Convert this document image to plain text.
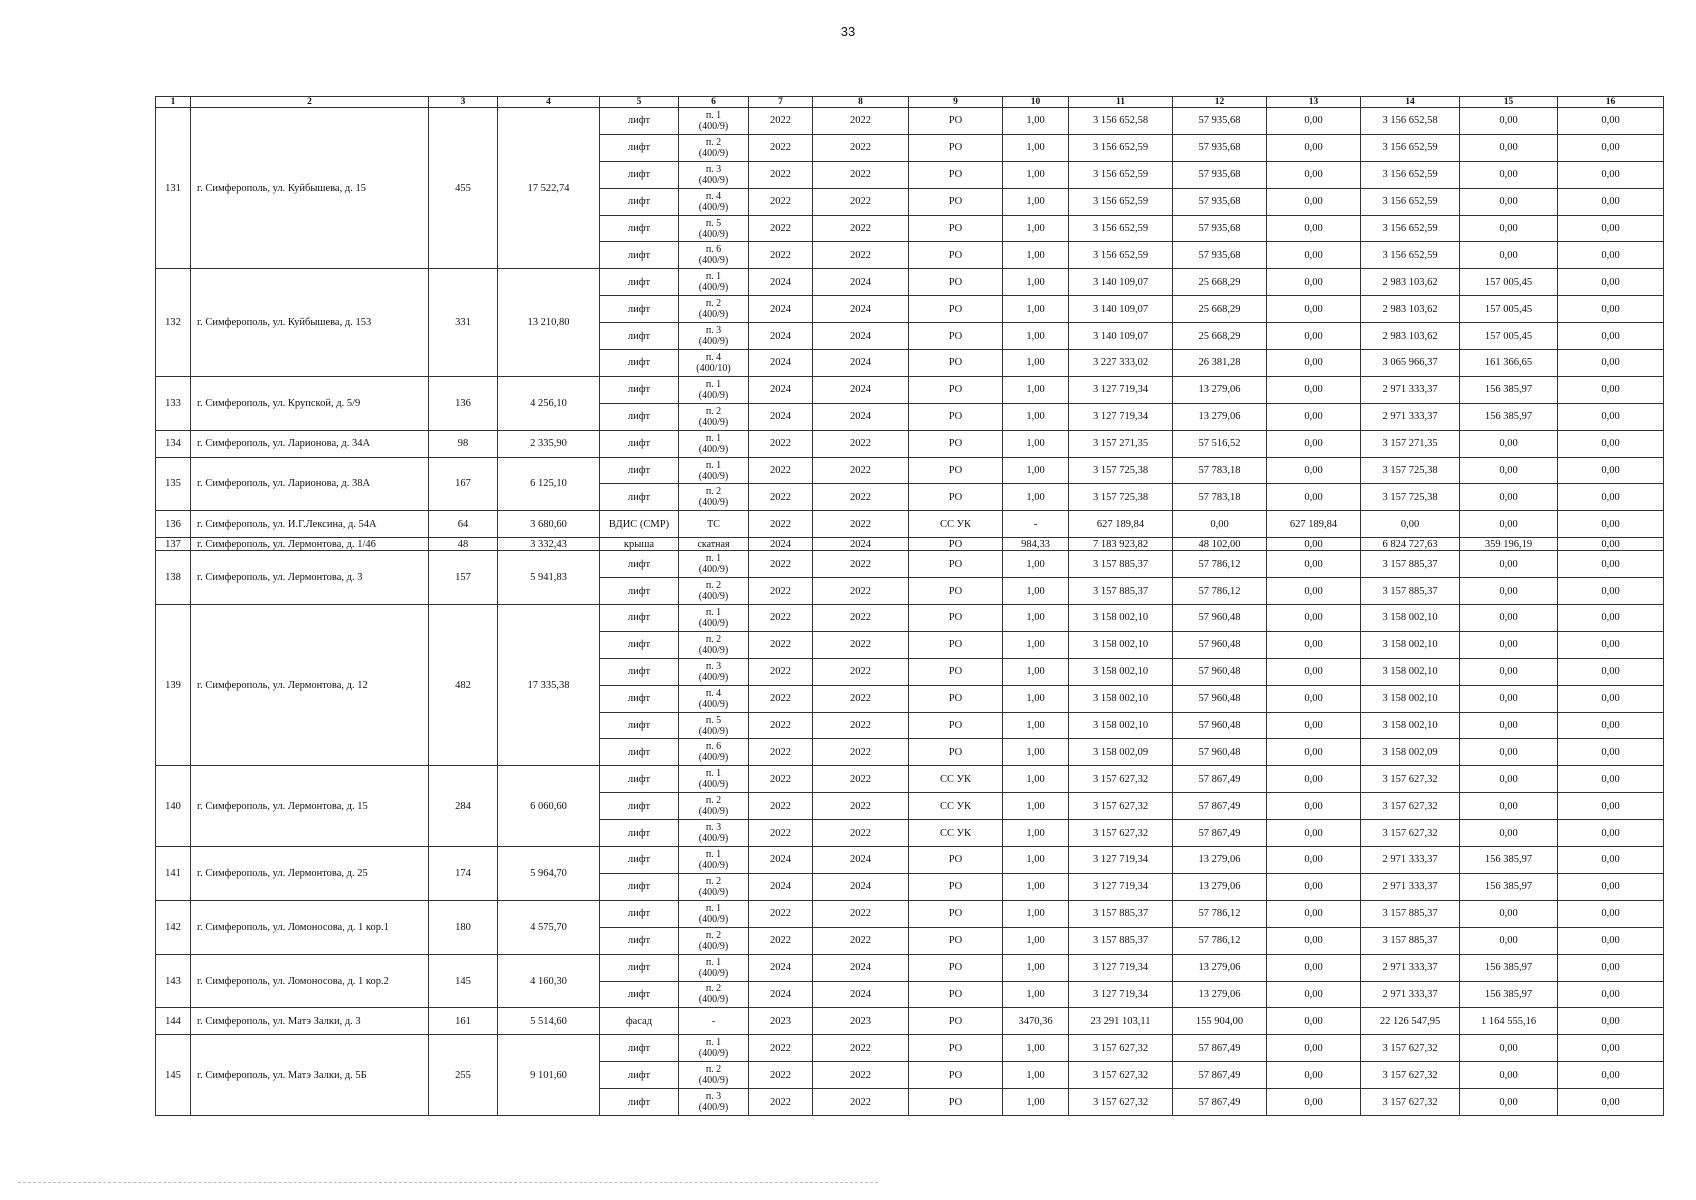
33
1	2	3	4	5	6	7	8	9	10	11	12	13	14	15	16
131	г. Симферополь, ул. Куйбышева, д. 15	455	17 522,74	лифт	п. 1
(400/9)	2022	2022	РО	1,00	3 156 652,58	57 935,68	0,00	3 156 652,58	0,00	0,00
				лифт	п. 2
(400/9)	2022	2022	РО	1,00	3 156 652,59	57 935,68	0,00	3 156 652,59	0,00	0,00
				лифт	п. 3
(400/9)	2022	2022	РО	1,00	3 156 652,59	57 935,68	0,00	3 156 652,59	0,00	0,00
				лифт	п. 4
(400/9)	2022	2022	РО	1,00	3 156 652,59	57 935,68	0,00	3 156 652,59	0,00	0,00
				лифт	п. 5
(400/9)	2022	2022	РО	1,00	3 156 652,59	57 935,68	0,00	3 156 652,59	0,00	0,00
				лифт	п. 6
(400/9)	2022	2022	РО	1,00	3 156 652,59	57 935,68	0,00	3 156 652,59	0,00	0,00
132	г. Симферополь, ул. Куйбышева, д. 153	331	13 210,80	лифт	п. 1
(400/9)	2024	2024	РО	1,00	3 140 109,07	25 668,29	0,00	2 983 103,62	157 005,45	0,00
				лифт	п. 2
(400/9)	2024	2024	РО	1,00	3 140 109,07	25 668,29	0,00	2 983 103,62	157 005,45	0,00
				лифт	п. 3
(400/9)	2024	2024	РО	1,00	3 140 109,07	25 668,29	0,00	2 983 103,62	157 005,45	0,00
				лифт	п. 4
(400/10)	2024	2024	РО	1,00	3 227 333,02	26 381,28	0,00	3 065 966,37	161 366,65	0,00
133	г. Симферополь, ул. Крупской, д. 5/9	136	4 256,10	лифт	п. 1
(400/9)	2024	2024	РО	1,00	3 127 719,34	13 279,06	0,00	2 971 333,37	156 385,97	0,00
				лифт	п. 2
(400/9)	2024	2024	РО	1,00	3 127 719,34	13 279,06	0,00	2 971 333,37	156 385,97	0,00
134	г. Симферополь, ул. Ларионова, д. 34А	98	2 335,90	лифт	п. 1
(400/9)	2022	2022	РО	1,00	3 157 271,35	57 516,52	0,00	3 157 271,35	0,00	0,00
135	г. Симферополь, ул. Ларионова, д. 38А	167	6 125,10	лифт	п. 1
(400/9)	2022	2022	РО	1,00	3 157 725,38	57 783,18	0,00	3 157 725,38	0,00	0,00
				лифт	п. 2
(400/9)	2022	2022	РО	1,00	3 157 725,38	57 783,18	0,00	3 157 725,38	0,00	0,00
136	г. Симферополь, ул. И.Г.Лексина, д. 54А	64	3 680,60	ВДИС (СМР)	ТС	2022	2022	СС УК	-	627 189,84	0,00	627 189,84	0,00	0,00	0,00
137	г. Симферополь, ул. Лермонтова, д. 1/46	48	3 332,43	крыша	скатная	2024	2024	РО	984,33	7 183 923,82	48 102,00	0,00	6 824 727,63	359 196,19	0,00
138	г. Симферополь, ул. Лермонтова, д. 3	157	5 941,83	лифт	п. 1
(400/9)	2022	2022	РО	1,00	3 157 885,37	57 786,12	0,00	3 157 885,37	0,00	0,00
				лифт	п. 2
(400/9)	2022	2022	РО	1,00	3 157 885,37	57 786,12	0,00	3 157 885,37	0,00	0,00
139	г. Симферополь, ул. Лермонтова, д. 12	482	17 335,38	лифт	п. 1
(400/9)	2022	2022	РО	1,00	3 158 002,10	57 960,48	0,00	3 158 002,10	0,00	0,00
				лифт	п. 2
(400/9)	2022	2022	РО	1,00	3 158 002,10	57 960,48	0,00	3 158 002,10	0,00	0,00
				лифт	п. 3
(400/9)	2022	2022	РО	1,00	3 158 002,10	57 960,48	0,00	3 158 002,10	0,00	0,00
				лифт	п. 4
(400/9)	2022	2022	РО	1,00	3 158 002,10	57 960,48	0,00	3 158 002,10	0,00	0,00
				лифт	п. 5
(400/9)	2022	2022	РО	1,00	3 158 002,10	57 960,48	0,00	3 158 002,10	0,00	0,00
				лифт	п. 6
(400/9)	2022	2022	РО	1,00	3 158 002,09	57 960,48	0,00	3 158 002,09	0,00	0,00
140	г. Симферополь, ул. Лермонтова, д. 15	284	6 060,60	лифт	п. 1
(400/9)	2022	2022	СС УК	1,00	3 157 627,32	57 867,49	0,00	3 157 627,32	0,00	0,00
				лифт	п. 2
(400/9)	2022	2022	СС УК	1,00	3 157 627,32	57 867,49	0,00	3 157 627,32	0,00	0,00
				лифт	п. 3
(400/9)	2022	2022	СС УК	1,00	3 157 627,32	57 867,49	0,00	3 157 627,32	0,00	0,00
141	г. Симферополь, ул. Лермонтова, д. 25	174	5 964,70	лифт	п. 1
(400/9)	2024	2024	РО	1,00	3 127 719,34	13 279,06	0,00	2 971 333,37	156 385,97	0,00
				лифт	п. 2
(400/9)	2024	2024	РО	1,00	3 127 719,34	13 279,06	0,00	2 971 333,37	156 385,97	0,00
142	г. Симферополь, ул. Ломоносова, д. 1 кор.1	180	4 575,70	лифт	п. 1
(400/9)	2022	2022	РО	1,00	3 157 885,37	57 786,12	0,00	3 157 885,37	0,00	0,00
				лифт	п. 2
(400/9)	2022	2022	РО	1,00	3 157 885,37	57 786,12	0,00	3 157 885,37	0,00	0,00
143	г. Симферополь, ул. Ломоносова, д. 1 кор.2	145	4 160,30	лифт	п. 1
(400/9)	2024	2024	РО	1,00	3 127 719,34	13 279,06	0,00	2 971 333,37	156 385,97	0,00
				лифт	п. 2
(400/9)	2024	2024	РО	1,00	3 127 719,34	13 279,06	0,00	2 971 333,37	156 385,97	0,00
144	г. Симферополь, ул. Матэ Залки, д. 3	161	5 514,60	фасад	-	2023	2023	РО	3470,36	23 291 103,11	155 904,00	0,00	22 126 547,95	1 164 555,16	0,00
145	г. Симферополь, ул. Матэ Залки, д. 5Б	255	9 101,60	лифт	п. 1
(400/9)	2022	2022	РО	1,00	3 157 627,32	57 867,49	0,00	3 157 627,32	0,00	0,00
				лифт	п. 2
(400/9)	2022	2022	РО	1,00	3 157 627,32	57 867,49	0,00	3 157 627,32	0,00	0,00
				лифт	п. 3
(400/9)	2022	2022	РО	1,00	3 157 627,32	57 867,49	0,00	3 157 627,32	0,00	0,00
